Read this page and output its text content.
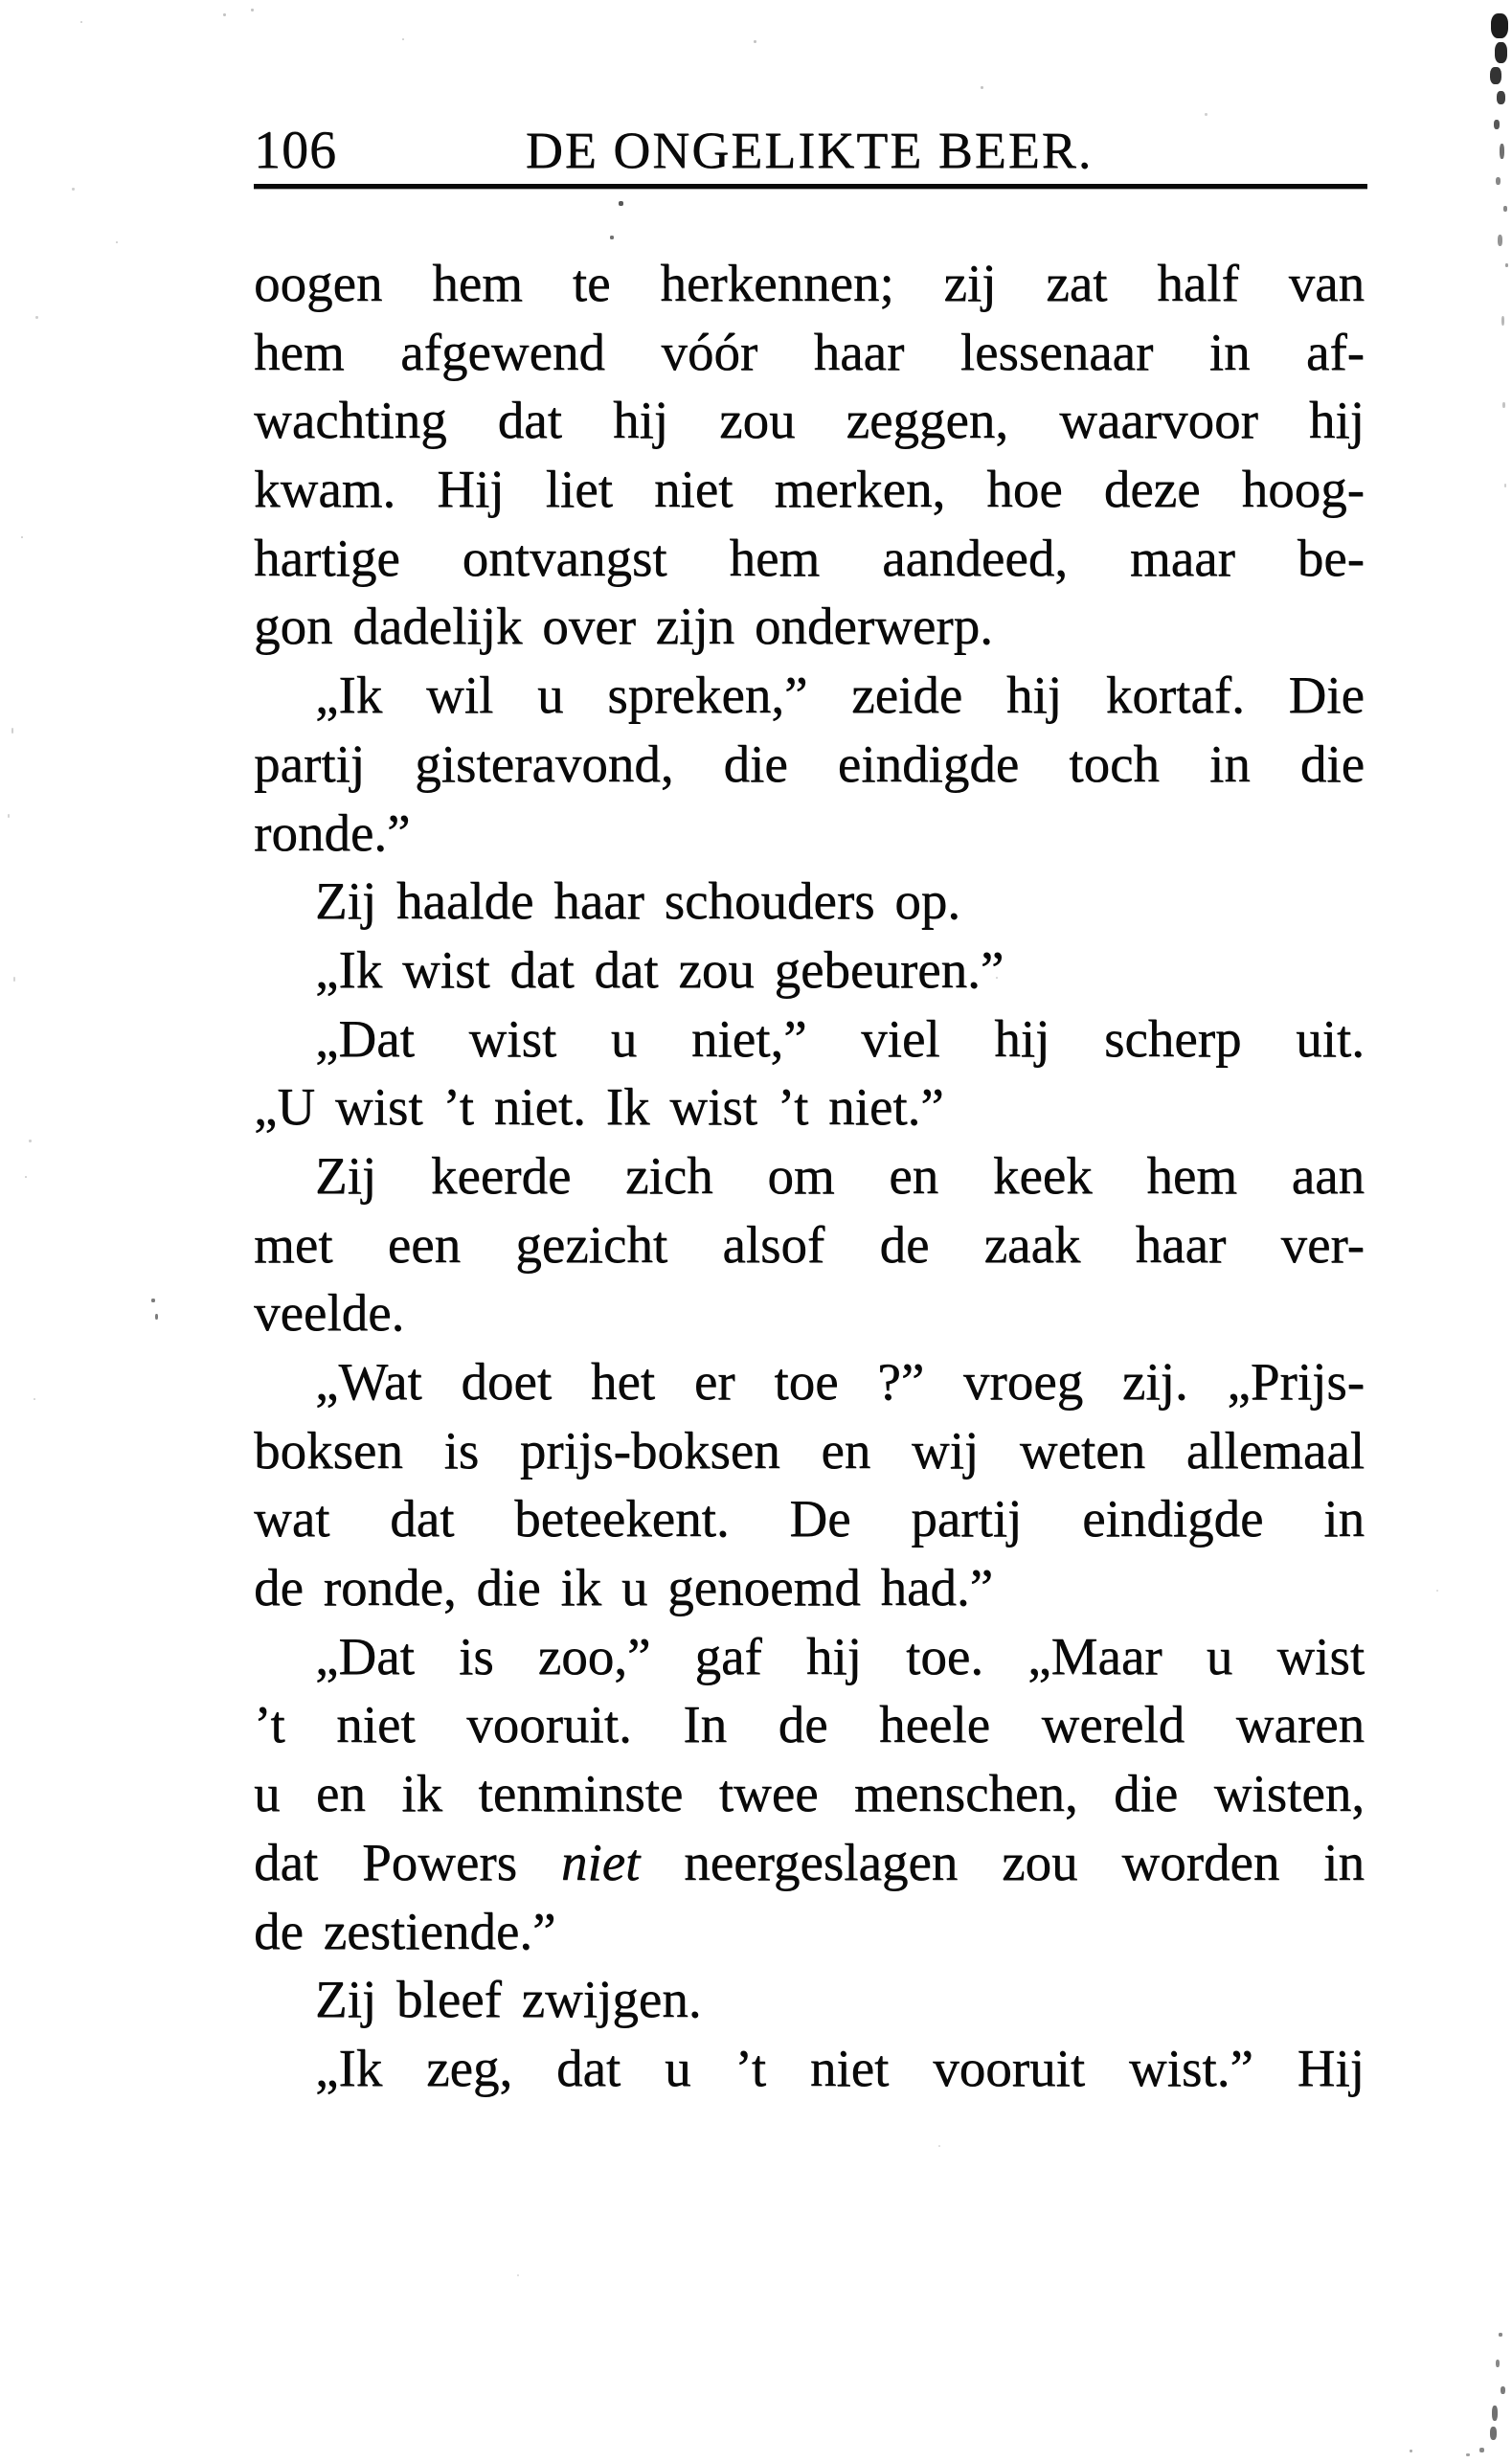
106	DE ONGELIKTE BEER.
oogen hem te herkennen; zij zat half van
hem afgewend vóór haar lessenaar in af-
wachting dat hij zou zeggen, waarvoor hij
kwam. Hij liet niet merken, hoe deze hoog-
hartige ontvangst hem aandeed, maar be-
gon dadelijk over zijn onderwerp.
„Ik wil u spreken,” zeide hij kortaf. Die
partij gisteravond, die eindigde toch in die
ronde.”
Zij haalde haar schouders op.
„Ik wist dat dat zou gebeuren.”
„Dat wist u niet,” viel hij scherp uit.
„U wist ’t niet. Ik wist ’t niet.”
Zij keerde zich om en keek hem aan
met een gezicht alsof de zaak haar ver-
veelde.
„Wat doet het er toe ?” vroeg zij. „Prijs-
boksen is prijs-boksen en wij weten allemaal
wat dat beteekent. De partij eindigde in
de ronde, die ik u genoemd had.”
„Dat is zoo,” gaf hij toe. „Maar u wist
’t niet vooruit. In de heele wereld waren
u en ik tenminste twee menschen, die wisten,
dat Powers niet neergeslagen zou worden in
de zestiende.”
Zij bleef zwijgen.
„Ik zeg, dat u ’t niet vooruit wist.” Hij
